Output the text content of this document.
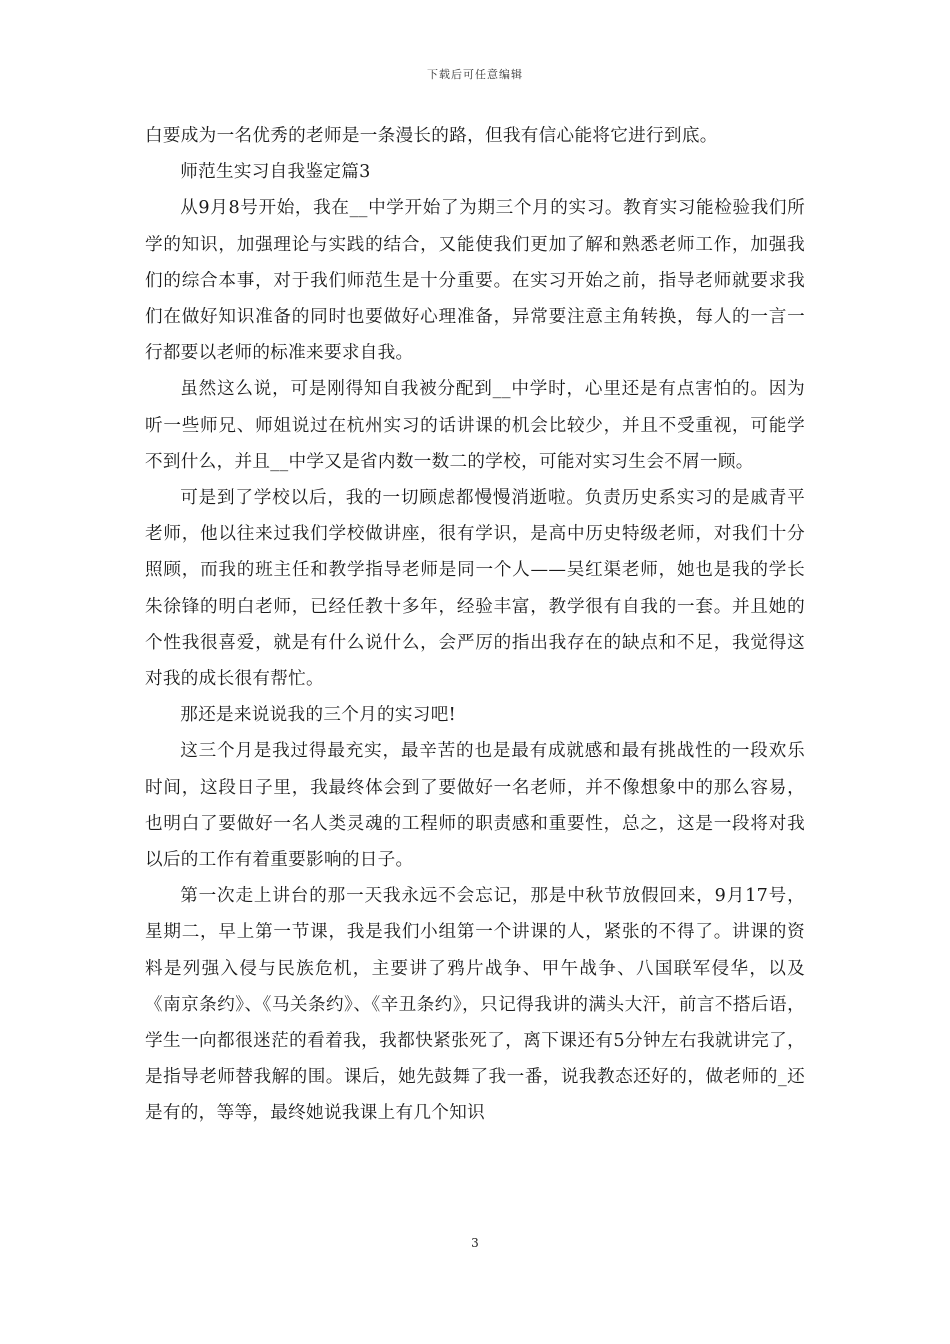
下载后可任意编辑

白要成为一名优秀的老师是一条漫长的路，但我有信心能将它进行到底。

师范生实习自我鉴定篇3

从9月8号开始，我在__中学开始了为期三个月的实习。教育实习能检验我们所学的知识，加强理论与实践的结合，又能使我们更加了解和熟悉老师工作，加强我们的综合本事，对于我们师范生是十分重要。在实习开始之前，指导老师就要求我们在做好知识准备的同时也要做好心理准备，异常要注意主角转换，每人的一言一行都要以老师的标准来要求自我。

虽然这么说，可是刚得知自我被分配到__中学时，心里还是有点害怕的。因为听一些师兄、师姐说过在杭州实习的话讲课的机会比较少，并且不受重视，可能学不到什么，并且__中学又是省内数一数二的学校，可能对实习生会不屑一顾。

可是到了学校以后，我的一切顾虑都慢慢消逝啦。负责历史系实习的是戚青平老师，他以往来过我们学校做讲座，很有学识，是高中历史特级老师，对我们十分照顾，而我的班主任和教学指导老师是同一个人——吴红渠老师，她也是我的学长朱徐锋的明白老师，已经任教十多年，经验丰富，教学很有自我的一套。并且她的个性我很喜爱，就是有什么说什么，会严厉的指出我存在的缺点和不足，我觉得这对我的成长很有帮忙。

那还是来说说我的三个月的实习吧!

这三个月是我过得最充实，最辛苦的也是最有成就感和最有挑战性的一段欢乐时间，这段日子里，我最终体会到了要做好一名老师，并不像想象中的那么容易，也明白了要做好一名人类灵魂的工程师的职责感和重要性，总之，这是一段将对我以后的工作有着重要影响的日子。

第一次走上讲台的那一天我永远不会忘记，那是中秋节放假回来，9月17号，星期二，早上第一节课，我是我们小组第一个讲课的人，紧张的不得了。讲课的资料是列强入侵与民族危机，主要讲了鸦片战争、甲午战争、八国联军侵华，以及《南京条约》、《马关条约》、《辛丑条约》，只记得我讲的满头大汗，前言不搭后语，学生一向都很迷茫的看着我，我都快紧张死了，离下课还有5分钟左右我就讲完了，是指导老师替我解的围。课后，她先鼓舞了我一番，说我教态还好的，做老师的_还是有的，等等，最终她说我课上有几个知识

3
